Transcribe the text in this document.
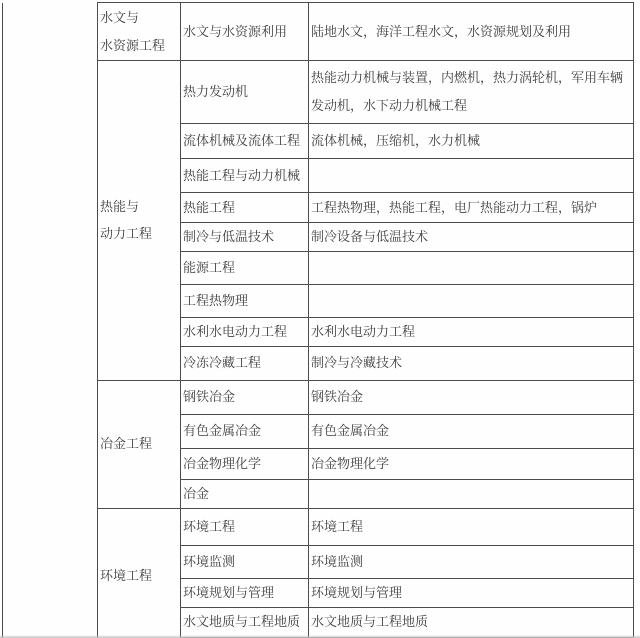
	水文与
水资源工程	水文与水资源利用	陆地水文，海洋工程水文，水资源规划及利用

	热能与
动力工程	热力发动机	热能动力机械与装置，内燃机，热力涡轮机，军用车辆发动机，水下动力机械工程
		流体机械及流体工程	流体机械，压缩机，水力机械
		热能工程与动力机械	
		热能工程	工程热物理，热能工程，电厂热能动力工程，锅炉
		制冷与低温技术	制冷设备与低温技术
		能源工程	
		工程热物理	
		水利水电动力工程	水利水电动力工程
		冷冻冷藏工程	制冷与冷藏技术

	冶金工程	钢铁冶金	钢铁冶金
		有色金属冶金	有色金属冶金
		冶金物理化学	冶金物理化学
		冶金	

	环境工程	环境工程	环境工程
		环境监测	环境监测
		环境规划与管理	环境规划与管理
		水文地质与工程地质	水文地质与工程地质
